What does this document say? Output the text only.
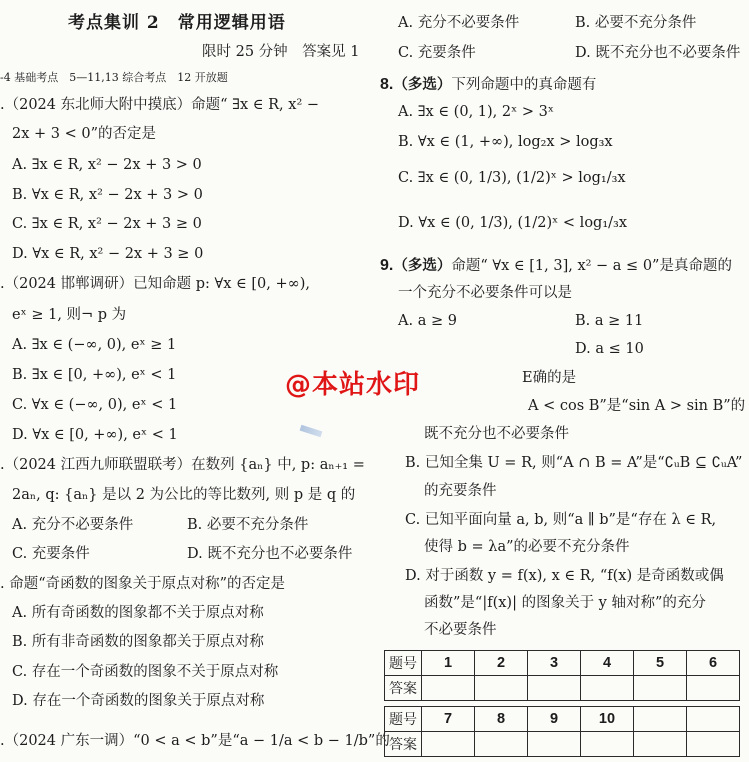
考点集训 2　常用逻辑用语
限时 25 分钟　答案见 1
-4 基础考点　5—11,13 综合考点　12 开放题
.（2024 东北师大附中摸底）命题“ ∃x ∈ R, x² −
2x + 3 < 0”的否定是
A. ∃x ∈ R, x² − 2x + 3 > 0
B. ∀x ∈ R, x² − 2x + 3 > 0
C. ∃x ∈ R, x² − 2x + 3 ≥ 0
D. ∀x ∈ R, x² − 2x + 3 ≥ 0
.（2024 邯郸调研）已知命题 p: ∀x ∈ [0, +∞),
eˣ ≥ 1, 则¬ p 为
A. ∃x ∈ (−∞, 0), eˣ ≥ 1
B. ∃x ∈ [0, +∞), eˣ < 1
C. ∀x ∈ (−∞, 0), eˣ < 1
D. ∀x ∈ [0, +∞), eˣ < 1
.（2024 江西九师联盟联考）在数列 {aₙ} 中, p: aₙ₊₁ =
2aₙ, q: {aₙ} 是以 2 为公比的等比数列, 则 p 是 q 的
A. 充分不必要条件	B. 必要不充分条件
C. 充要条件	D. 既不充分也不必要条件
. 命题“奇函数的图象关于原点对称”的否定是
A. 所有奇函数的图象都不关于原点对称
B. 所有非奇函数的图象都关于原点对称
C. 存在一个奇函数的图象不关于原点对称
D. 存在一个奇函数的图象关于原点对称
.（2024 广东一调）“0 < a < b”是“a − 1/a < b − 1/b”的
A. 充分不必要条件	B. 必要不充分条件
C. 充要条件	D. 既不充分也不必要条件
8.（多选）下列命题中的真命题有
A. ∃x ∈ (0, 1), 2ˣ > 3ˣ
B. ∀x ∈ (1, +∞), log₂x > log₃x
C. ∃x ∈ (0, 1/3), (1/2)ˣ > log₁/₃x
D. ∀x ∈ (0, 1/3), (1/2)ˣ < log₁/₃x
9.（多选）命题“ ∀x ∈ [1, 3], x² − a ≤ 0”是真命题的
一个充分不必要条件可以是
A. a ≥ 9	B. a ≥ 11
D. a ≤ 10
E确的是
A < cos B”是“sin A > sin B”的
既不充分也不必要条件
B. 已知全集 U = R, 则“A ∩ B = A”是“∁ᵤB ⊆ ∁ᵤA”
的充要条件
C. 已知平面向量 a, b, 则“a ∥ b”是“存在 λ ∈ R,
使得 b = λa”的必要不充分条件
D. 对于函数 y = f(x), x ∈ R, “f(x) 是奇函数或偶
函数”是“|f(x)| 的图象关于 y 轴对称”的充分
不必要条件
@本站水印
题号	1	2	3	4	5	6
答案						

题号	7	8	9	10		
答案						
